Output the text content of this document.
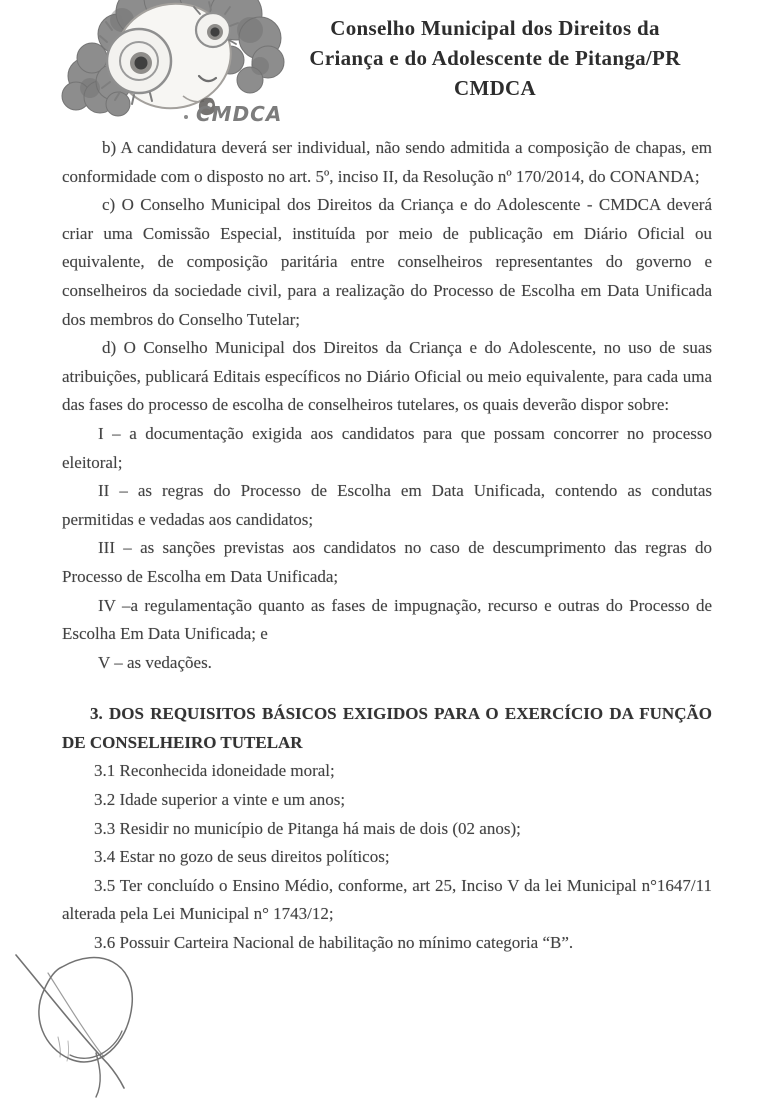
CMDCA
Conselho Municipal dos Direitos da
Criança e do Adolescente de Pitanga/PR
CMDCA

b) A candidatura deverá ser individual, não sendo admitida a composição de chapas, em conformidade com o disposto no art. 5º, inciso II, da Resolução nº 170/2014, do CONANDA;

c) O Conselho Municipal dos Direitos da Criança e do Adolescente - CMDCA deverá criar uma Comissão Especial, instituída por meio de publicação em Diário Oficial ou equivalente, de composição paritária entre conselheiros representantes do governo e conselheiros da sociedade civil, para a realização do Processo de Escolha em Data Unificada dos membros do Conselho Tutelar;

d) O Conselho Municipal dos Direitos da Criança e do Adolescente, no uso de suas atribuições, publicará Editais específicos no Diário Oficial ou meio equivalente, para cada uma das fases do processo de escolha de conselheiros tutelares, os quais deverão dispor sobre:

I – a documentação exigida aos candidatos para que possam concorrer no processo eleitoral;

II – as regras do Processo de Escolha em Data Unificada, contendo as condutas permitidas e vedadas aos candidatos;

III – as sanções previstas aos candidatos no caso de descumprimento das regras do Processo de Escolha em Data Unificada;

IV –a regulamentação quanto as fases de impugnação, recurso e outras do Processo de Escolha Em Data Unificada; e

V – as vedações.

3. DOS REQUISITOS BÁSICOS EXIGIDOS PARA O EXERCÍCIO DA FUNÇÃO DE CONSELHEIRO TUTELAR

3.1 Reconhecida idoneidade moral;

3.2 Idade superior a vinte e um anos;

3.3 Residir no município de Pitanga há mais de dois (02 anos);

3.4 Estar no gozo de seus direitos políticos;

3.5 Ter concluído o Ensino Médio, conforme, art 25, Inciso V da lei Municipal n°1647/11 alterada pela Lei Municipal n° 1743/12;

3.6 Possuir Carteira Nacional de habilitação no mínimo categoria “B”.
